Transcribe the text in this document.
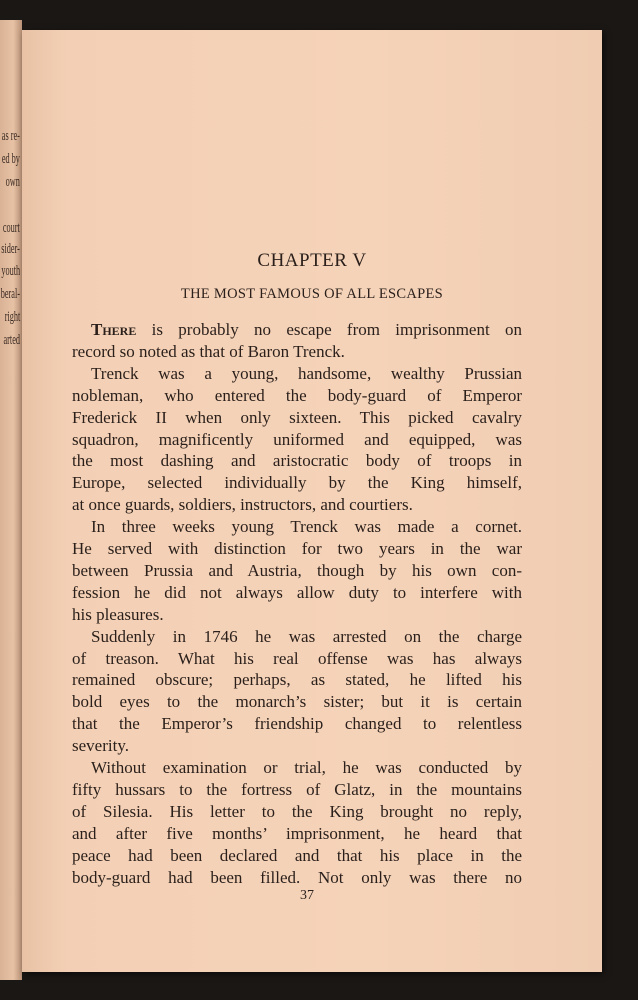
as re-
ed by
own
court
sider-
youth
beral-
right
arted
CHAPTER V
THE MOST FAMOUS OF ALL ESCAPES
There is probably no escape from imprisonment on
record so noted as that of Baron Trenck.
Trenck was a young, handsome, wealthy Prussian
nobleman, who entered the body-guard of Emperor
Frederick II when only sixteen. This picked cavalry
squadron, magnificently uniformed and equipped, was
the most dashing and aristocratic body of troops in
Europe, selected individually by the King himself,
at once guards, soldiers, instructors, and courtiers.
In three weeks young Trenck was made a cornet.
He served with distinction for two years in the war
between Prussia and Austria, though by his own con-
fession he did not always allow duty to interfere with
his pleasures.
Suddenly in 1746 he was arrested on the charge
of treason. What his real offense was has always
remained obscure; perhaps, as stated, he lifted his
bold eyes to the monarch’s sister; but it is certain
that the Emperor’s friendship changed to relentless
severity.
Without examination or trial, he was conducted by
fifty hussars to the fortress of Glatz, in the mountains
of Silesia. His letter to the King brought no reply,
and after five months’ imprisonment, he heard that
peace had been declared and that his place in the
body-guard had been filled. Not only was there no
37
